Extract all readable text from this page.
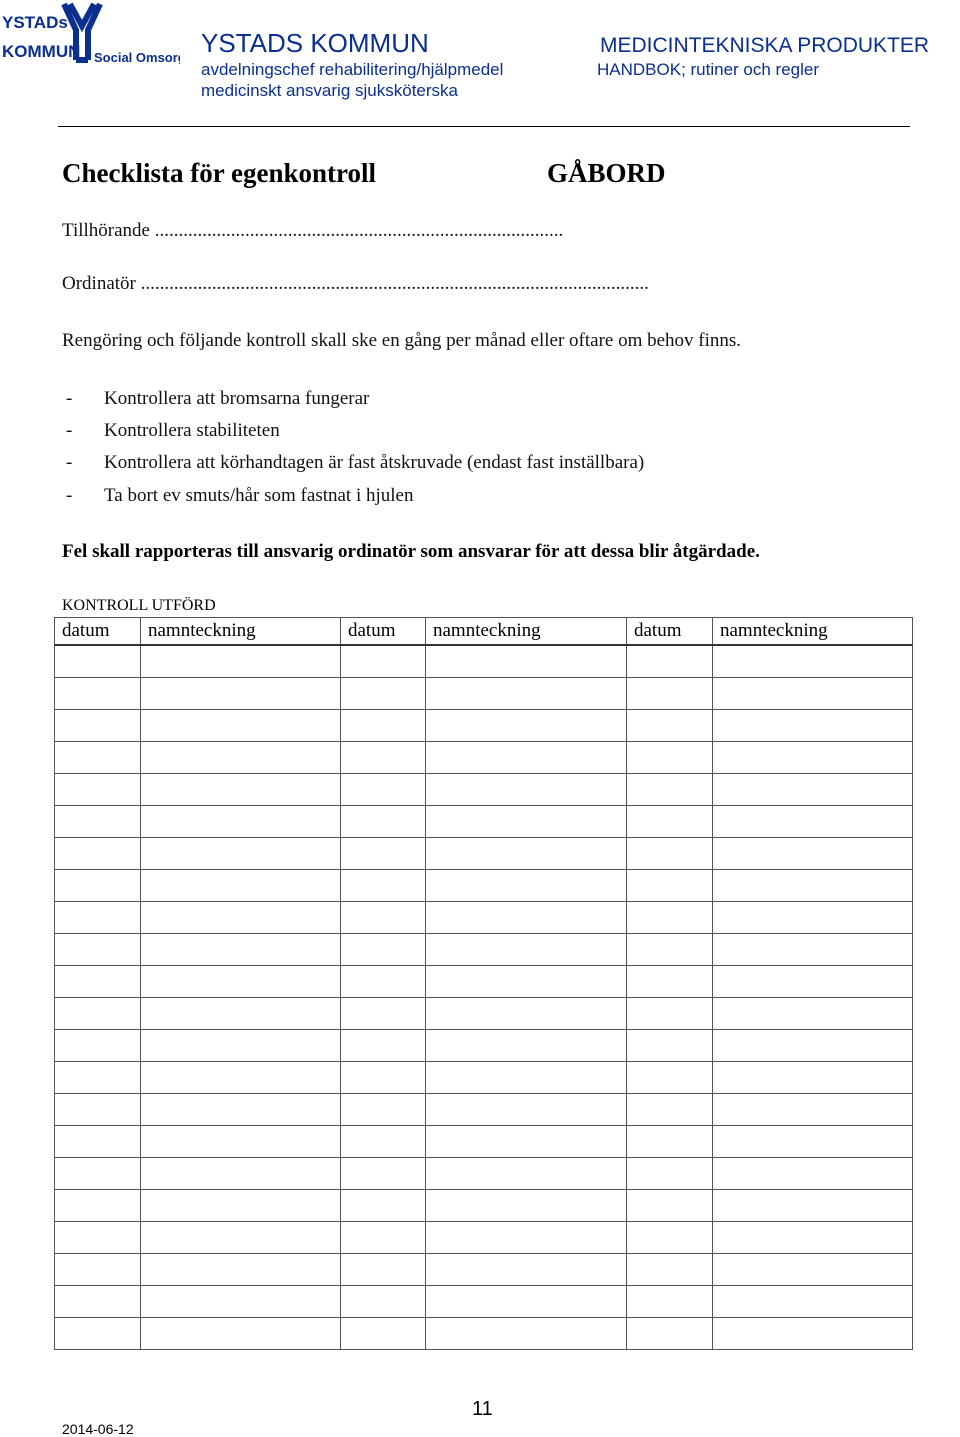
YSTADs
KOMMUN Social Omsorg YSTADS KOMMUN
avdelningschef rehabilitering/hjälpmedel
medicinskt ansvarig sjuksköterska
MEDICINTEKNISKA PRODUKTER
HANDBOK; rutiner och regler
Checklista för egenkontroll	GÅBORD
Tillhörande ......................................................................................
Ordinatör ...........................................................................................................
Rengöring och följande kontroll skall ske en gång per månad eller oftare om behov finns.
- Kontrollera att bromsarna fungerar
- Kontrollera stabiliteten
- Kontrollera att körhandtagen är fast åtskruvade (endast fast inställbara)
- Ta bort ev smuts/hår som fastnat i hjulen
Fel skall rapporteras till ansvarig ordinatör som ansvarar för att dessa blir åtgärdade.
KONTROLL UTFÖRD
datum	namnteckning	datum	namnteckning	datum	namnteckning

11
2014-06-12
